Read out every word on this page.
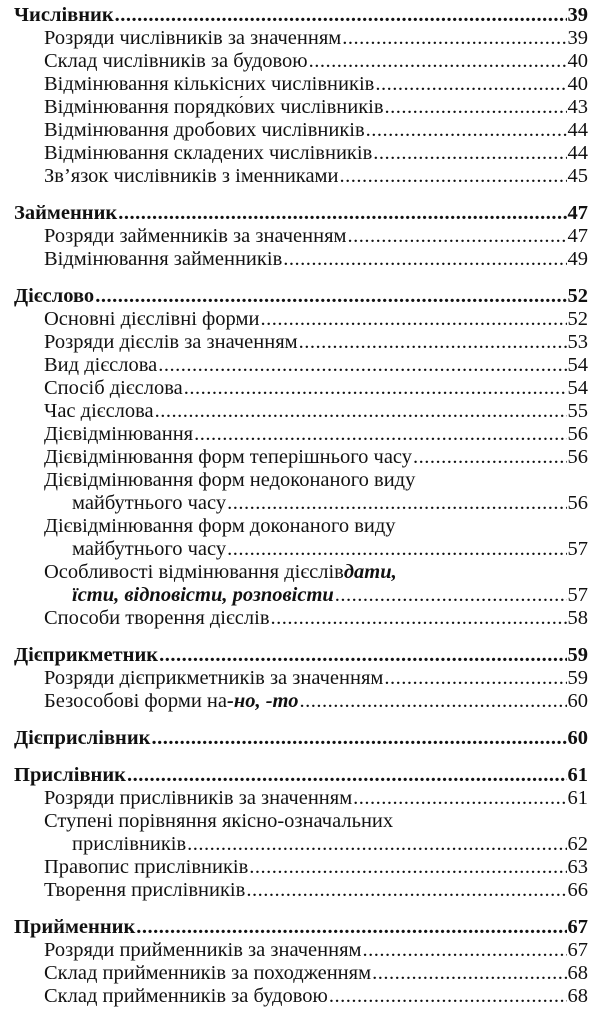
Числівник .....	39
Розряди числівників за значенням .....	39
Склад числівників за будовою .....	40
Відмінювання кількісних числівників .....	40
Відмінювання порядко́вих числівників .....	43
Відмінювання дробових числівників .....	44
Відмінювання складених числівників .....	44
Зв’язок числівників з іменниками .....	45
Займенник .....	47
Розряди займенників за значенням .....	47
Відмінювання займенників .....	49
Дієслово .....	52
Основні дієслівні форми .....	52
Розряди дієслів за значенням .....	53
Вид дієслова .....	54
Спосіб дієслова .....	54
Час дієслова .....	55
Дієвідмінювання .....	56
Дієвідмінювання форм теперішнього часу .....	56
Дієвідмінювання форм недоконаного виду
майбутнього часу .....	56
Дієвідмінювання форм доконаного виду
майбутнього часу .....	57
Особливості відмінювання дієслів дати,
їсти, відповісти, розповісти .....	57
Способи творення дієслів .....	58
Дієприкметник .....	59
Розряди дієприкметників за значенням .....	59
Безособові форми на -но, -то .....	60
Дієприслівник .....	60
Прислівник .....	61
Розряди прислівників за значенням .....	61
Ступені порівняння якісно-означальних
прислівників .....	62
Правопис прислівників .....	63
Творення прислівників .....	66
Прийменник .....	67
Розряди прийменників за значенням .....	67
Склад прийменників за походженням .....	68
Склад прийменників за будовою .....	68
